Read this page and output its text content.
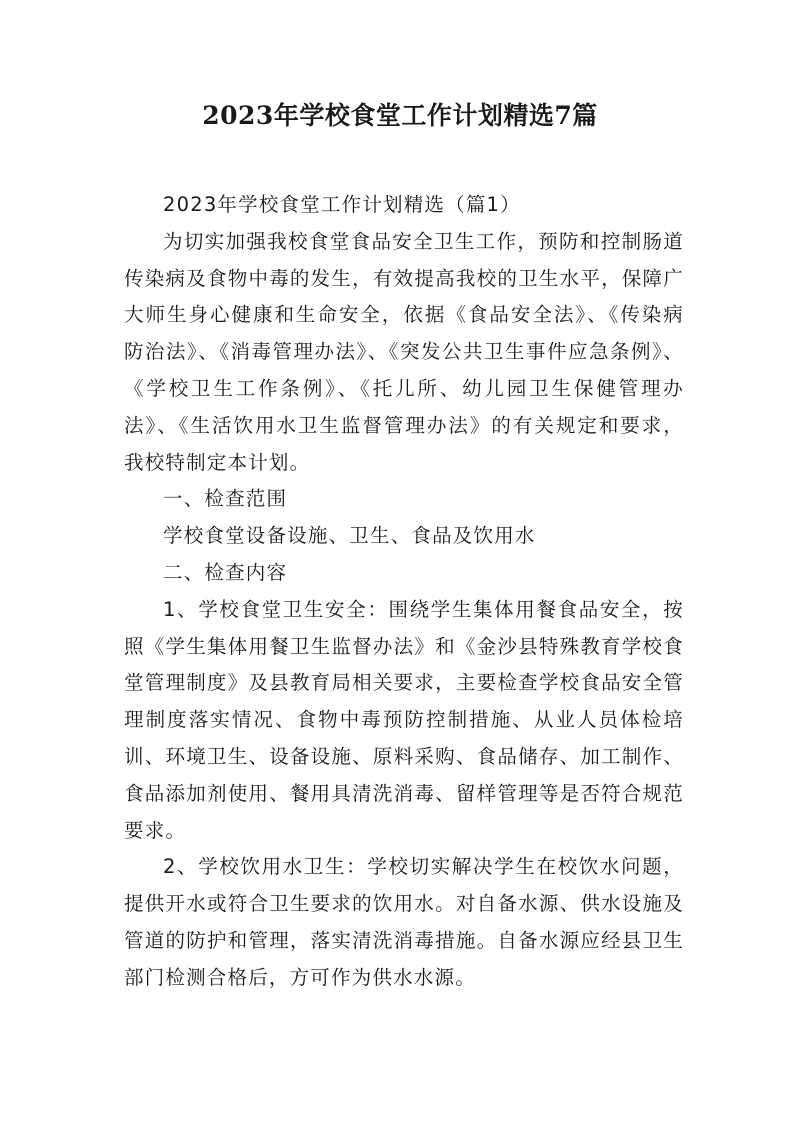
2023年学校食堂工作计划精选7篇

2023年学校食堂工作计划精选（篇1）

为切实加强我校食堂食品安全卫生工作，预防和控制肠道传染病及食物中毒的发生，有效提高我校的卫生水平，保障广大师生身心健康和生命安全，依据《食品安全法》、《传染病防治法》、《消毒管理办法》、《突发公共卫生事件应急条例》、《学校卫生工作条例》、《托儿所、幼儿园卫生保健管理办法》、《生活饮用水卫生监督管理办法》的有关规定和要求，我校特制定本计划。

一、检查范围

学校食堂设备设施、卫生、食品及饮用水

二、检查内容

1、学校食堂卫生安全：围绕学生集体用餐食品安全，按照《学生集体用餐卫生监督办法》和《金沙县特殊教育学校食堂管理制度》及县教育局相关要求，主要检查学校食品安全管理制度落实情况、食物中毒预防控制措施、从业人员体检培训、环境卫生、设备设施、原料采购、食品储存、加工制作、食品添加剂使用、餐用具清洗消毒、留样管理等是否符合规范要求。

2、学校饮用水卫生：学校切实解决学生在校饮水问题，提供开水或符合卫生要求的饮用水。对自备水源、供水设施及管道的防护和管理，落实清洗消毒措施。自备水源应经县卫生部门检测合格后，方可作为供水水源。
